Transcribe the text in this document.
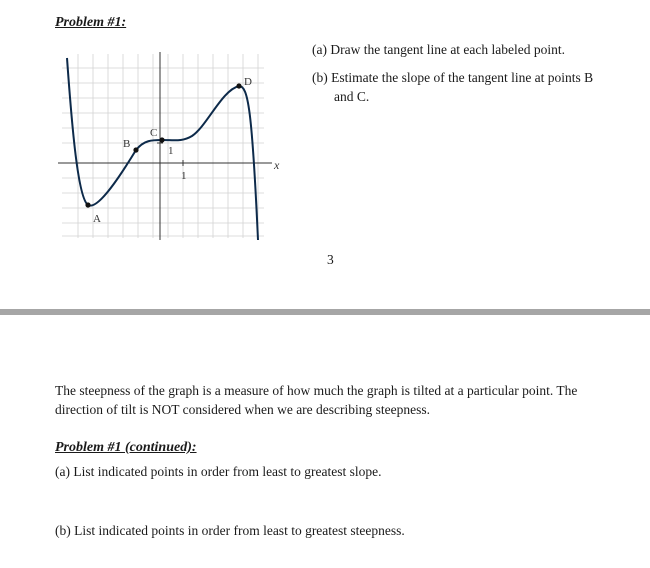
Problem #1:
(a) Draw the tangent line at each labeled point.
(b) Estimate the slope of the tangent line at points B
and C.
3
1
1
x
A
B
C
D
The steepness of the graph is a measure of how much the graph is tilted at a particular point. The
direction of tilt is NOT considered when we are describing steepness.
Problem #1 (continued):
(a) List indicated points in order from least to greatest slope.
(b) List indicated points in order from least to greatest steepness.
